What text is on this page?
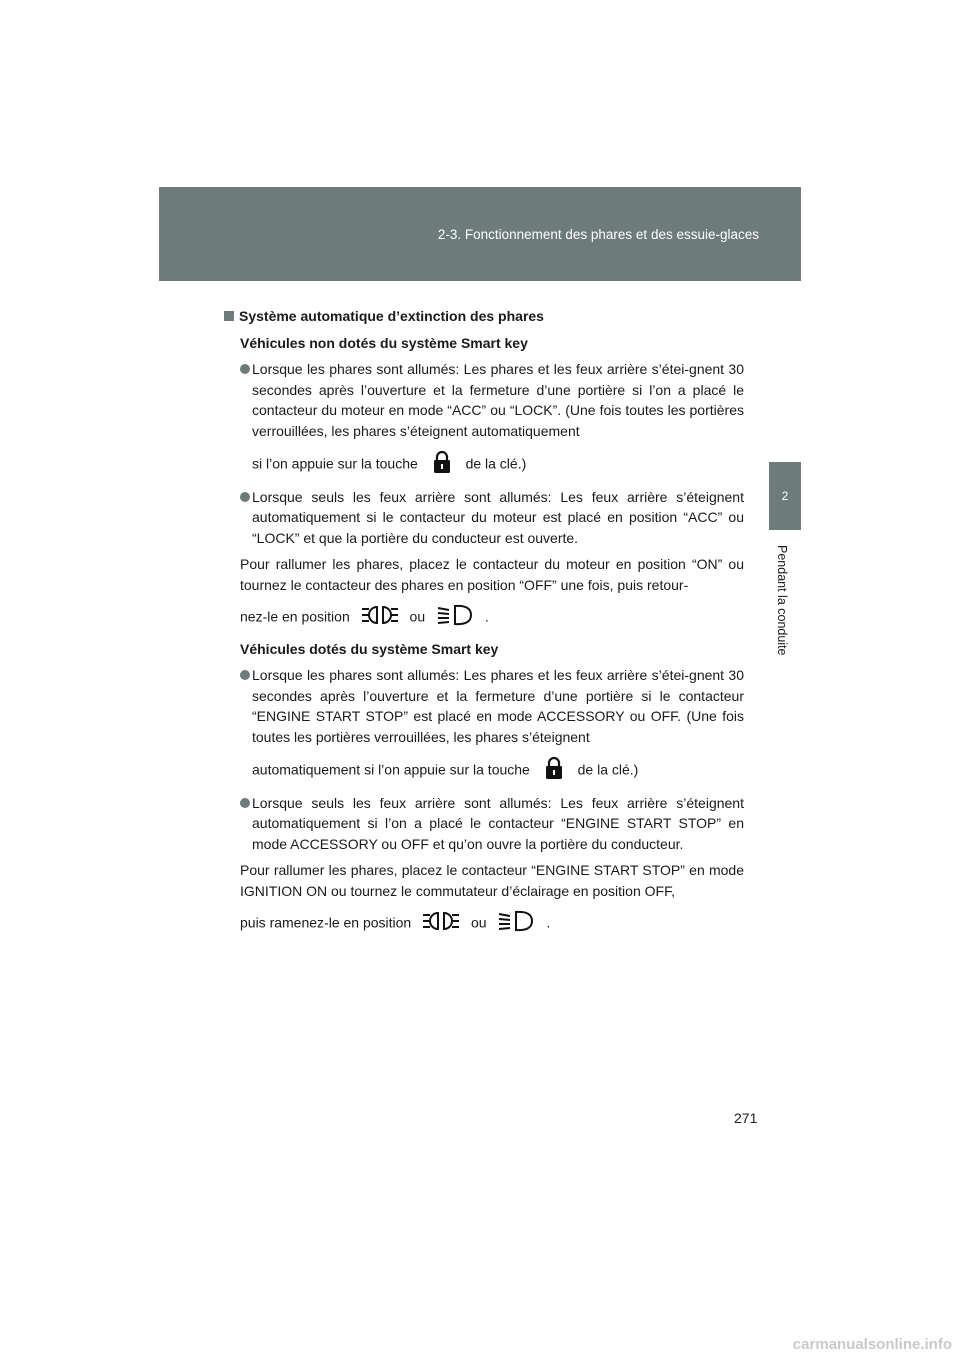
2-3. Fonctionnement des phares et des essuie-glaces
2
Pendant la conduite
Système automatique d’extinction des phares
Véhicules non dotés du système Smart key
Lorsque les phares sont allumés: Les phares et les feux arrière s’étei-gnent 30 secondes après l’ouverture et la fermeture d’une portière si l’on a placé le contacteur du moteur en mode “ACC” ou “LOCK”. (Une fois toutes les portières verrouillées, les phares s’éteignent automatiquement
si l’on appuie sur la touche	de la clé.)
Lorsque seuls les feux arrière sont allumés: Les feux arrière s’éteignent automatiquement si le contacteur du moteur est placé en position “ACC” ou “LOCK” et que la portière du conducteur est ouverte.
Pour rallumer les phares, placez le contacteur du moteur en position “ON” ou tournez le contacteur des phares en position “OFF” une fois, puis retour-
nez-le en position	ou	.
Véhicules dotés du système Smart key
Lorsque les phares sont allumés: Les phares et les feux arrière s’étei-gnent 30 secondes après l’ouverture et la fermeture d’une portière si le contacteur “ENGINE START STOP” est placé en mode ACCESSORY ou OFF. (Une fois toutes les portières verrouillées, les phares s’éteignent
automatiquement si l’on appuie sur la touche	de la clé.)
Lorsque seuls les feux arrière sont allumés: Les feux arrière s’éteignent automatiquement si l’on a placé le contacteur “ENGINE START STOP” en mode ACCESSORY ou OFF et qu’on ouvre la portière du conducteur.
Pour rallumer les phares, placez le contacteur “ENGINE START STOP” en mode IGNITION ON ou tournez le commutateur d’éclairage en position OFF,
puis ramenez-le en position	ou	.
271
carmanualsonline.info
